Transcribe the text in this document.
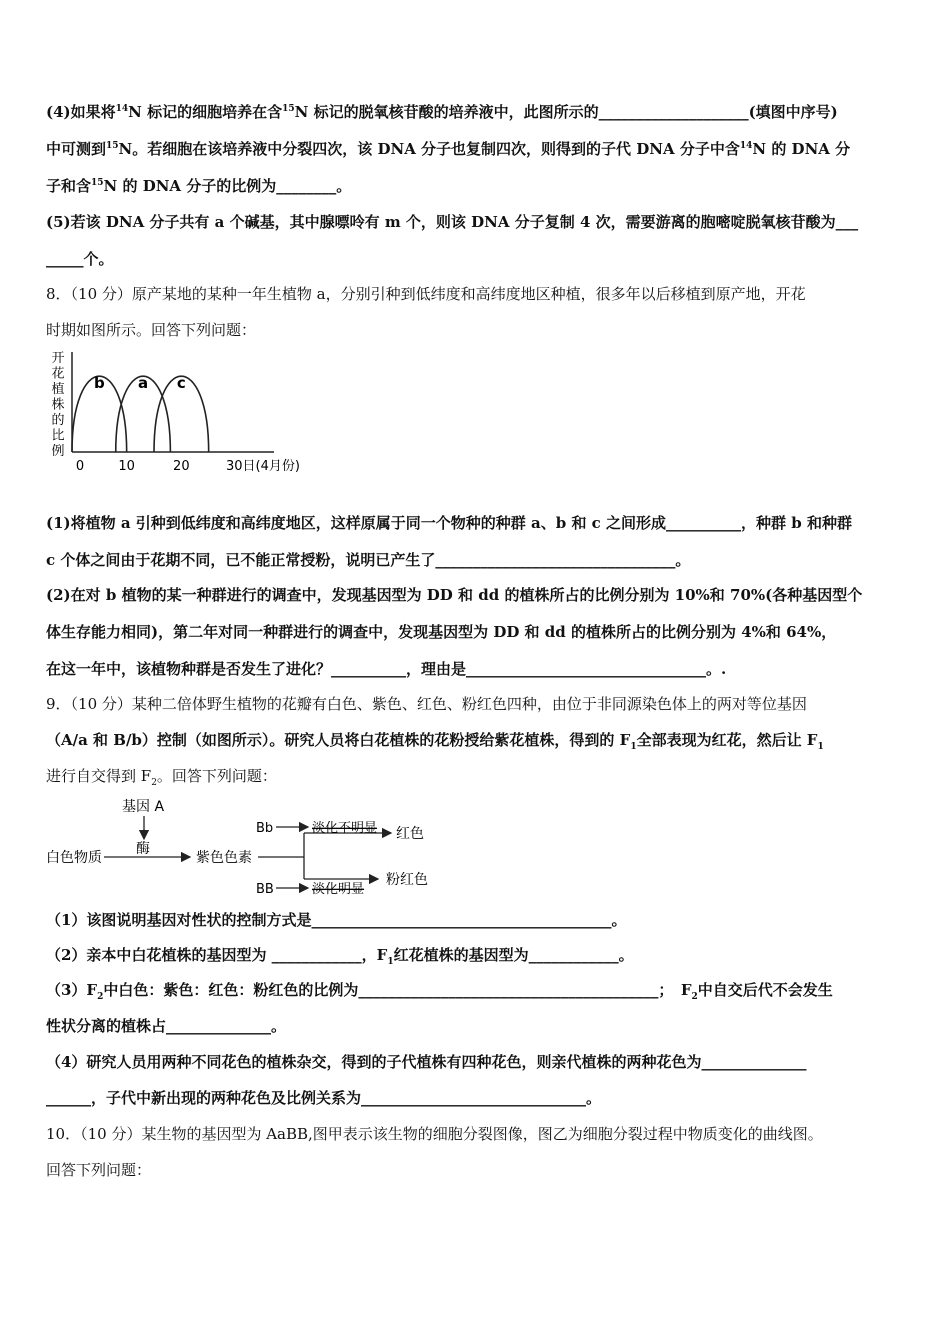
(4)如果将$^{14}$N 标记的细胞培养在含$^{15}$N 标记的脱氧核苷酸的培养液中，此图所示的____________________(填图中序号)
中可测到$^{15}$N。若细胞在该培养液中分裂四次，该 DNA 分子也复制四次，则得到的子代 DNA 分子中含$^{14}$N 的 DNA 分
子和含$^{15}$N 的 DNA 分子的比例为________。
(5)若该 DNA 分子共有 a 个碱基，其中腺嘌呤有 m 个，则该 DNA 分子复制 4 次，需要游离的胞嘧啶脱氧核苷酸为___
_____个。
8．（10 分）原产某地的某种一年生植物 a，分别引种到低纬度和高纬度地区种植，很多年以后移植到原产地，开花
时期如图所示。回答下列问题：
开花植株的比例
b a c
0	10	20	30日(4月份)
(1)将植物 a 引种到低纬度和高纬度地区，这样原属于同一个物种的种群 a、b 和 c 之间形成__________，种群 b 和种群
c 个体之间由于花期不同，已不能正常授粉，说明已产生了________________________________。
(2)在对 b 植物的某一种群进行的调查中，发现基因型为 DD 和 dd 的植株所占的比例分别为 10%和 70%(各种基因型个
体生存能力相同)，第二年对同一种群进行的调查中，发现基因型为 DD 和 dd 的植株所占的比例分别为 4%和 64%，
在这一年中，该植物种群是否发生了进化？__________，理由是________________________________。.
9．（10 分）某种二倍体野生植物的花瓣有白色、紫色、红色、粉红色四种，由位于非同源染色体上的两对等位基因
（A/a 和 B/b）控制（如图所示）。研究人员将白花植株的花粉授给紫花植株，得到的 $F_1$全部表现为红花，然后让 $F_1$
进行自交得到 $F_2$。回答下列问题：
基因 A
酶
白色物质	紫色色素
Bb	淡化不明显 红色
BB	淡化明显
粉红色
（1）该图说明基因对性状的控制方式是________________________________________。
（2）亲本中白花植株的基因型为 ____________，$F_1$红花植株的基因型为____________。
$(3)F_2$中白色：紫色：红色：粉红色的比例为________________________________________；　$F_2$中自交后代不会发生
性状分离的植株占______________。
（4）研究人员用两种不同花色的植株杂交，得到的子代植株有四种花色，则亲代植株的两种花色为______________
______，子代中新出现的两种花色及比例关系为______________________________。
10．（10 分）某生物的基因型为 AaBB,图甲表示该生物的细胞分裂图像，图乙为细胞分裂过程中物质变化的曲线图。
回答下列问题：
